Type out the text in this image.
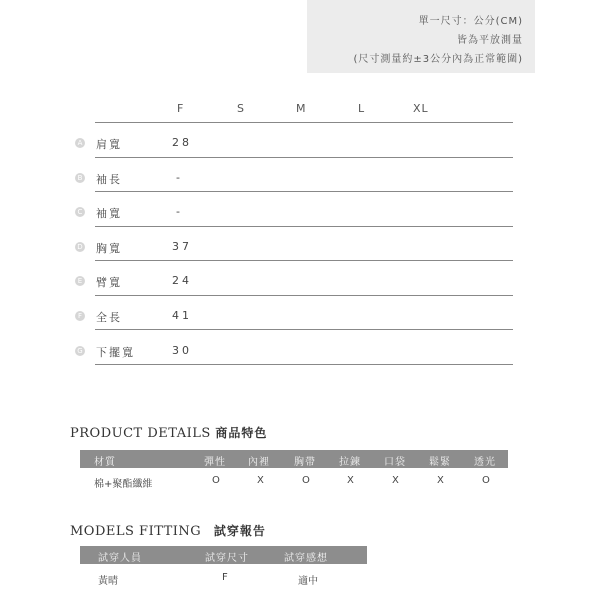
單一尺寸：公分(CM)
皆為平放測量
(尺寸測量約±3公分內為正常範圍)
F	S	M	L	XL
A 肩寬	28
B 袖長	-
C 袖寬	-
D 胸寬	37
E 臂寬	24
F 全長	41
G 下擺寬	30
PRODUCT DETAILS 商品特色
材質	彈性 內裡 胸帶 拉鍊 口袋 鬆緊 透光
棉+聚酯纖維	O	X	O	X	X	X	O
MODELS FITTING 試穿報告
試穿人員	試穿尺寸	試穿感想
黃晴	F	適中
